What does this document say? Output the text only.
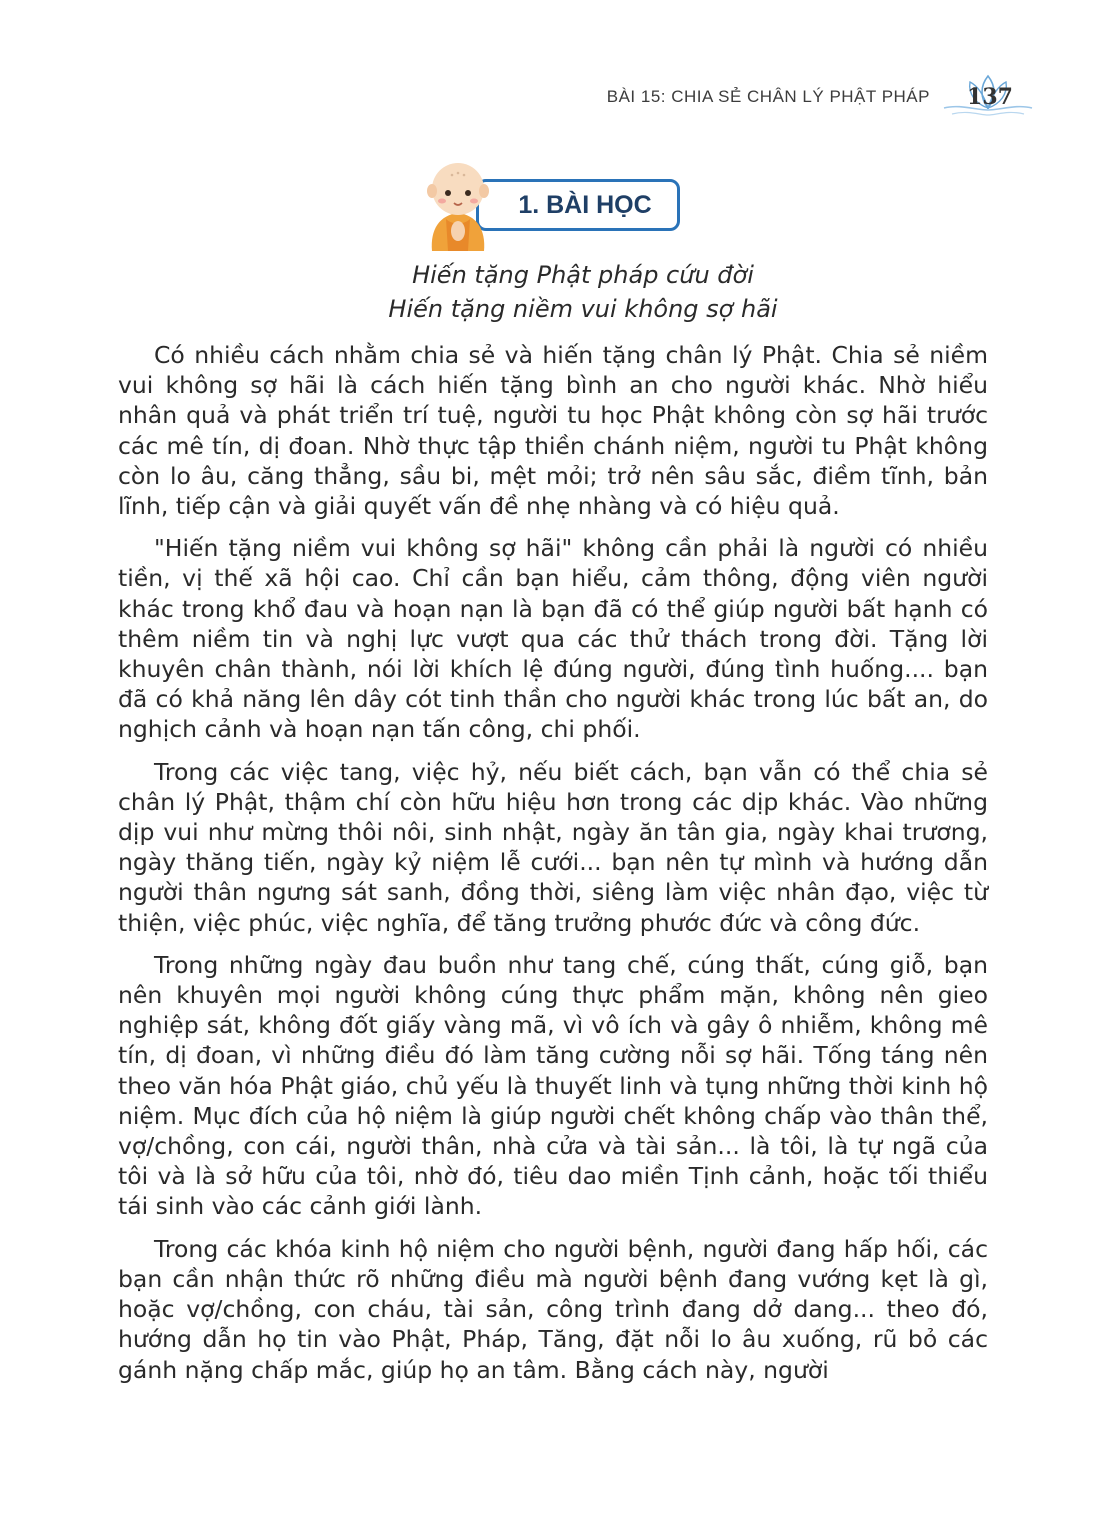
BÀI 15: CHIA SẺ CHÂN LÝ PHẬT PHÁP	137
1. BÀI HỌC
Hiến tặng Phật pháp cứu đời
Hiến tặng niềm vui không sợ hãi

Có nhiều cách nhằm chia sẻ và hiến tặng chân lý Phật. Chia sẻ niềm vui không sợ hãi là cách hiến tặng bình an cho người khác. Nhờ hiểu nhân quả và phát triển trí tuệ, người tu học Phật không còn sợ hãi trước các mê tín, dị đoan. Nhờ thực tập thiền chánh niệm, người tu Phật không còn lo âu, căng thẳng, sầu bi, mệt mỏi; trở nên sâu sắc, điềm tĩnh, bản lĩnh, tiếp cận và giải quyết vấn đề nhẹ nhàng và có hiệu quả.

"Hiến tặng niềm vui không sợ hãi" không cần phải là người có nhiều tiền, vị thế xã hội cao. Chỉ cần bạn hiểu, cảm thông, động viên người khác trong khổ đau và hoạn nạn là bạn đã có thể giúp người bất hạnh có thêm niềm tin và nghị lực vượt qua các thử thách trong đời. Tặng lời khuyên chân thành, nói lời khích lệ đúng người, đúng tình huống.... bạn đã có khả năng lên dây cót tinh thần cho người khác trong lúc bất an, do nghịch cảnh và hoạn nạn tấn công, chi phối.

Trong các việc tang, việc hỷ, nếu biết cách, bạn vẫn có thể chia sẻ chân lý Phật, thậm chí còn hữu hiệu hơn trong các dịp khác. Vào những dịp vui như mừng thôi nôi, sinh nhật, ngày ăn tân gia, ngày khai trương, ngày thăng tiến, ngày kỷ niệm lễ cưới... bạn nên tự mình và hướng dẫn người thân ngưng sát sanh, đồng thời, siêng làm việc nhân đạo, việc từ thiện, việc phúc, việc nghĩa, để tăng trưởng phước đức và công đức.

Trong những ngày đau buồn như tang chế, cúng thất, cúng giỗ, bạn nên khuyên mọi người không cúng thực phẩm mặn, không nên gieo nghiệp sát, không đốt giấy vàng mã, vì vô ích và gây ô nhiễm, không mê tín, dị đoan, vì những điều đó làm tăng cường nỗi sợ hãi. Tống táng nên theo văn hóa Phật giáo, chủ yếu là thuyết linh và tụng những thời kinh hộ niệm. Mục đích của hộ niệm là giúp người chết không chấp vào thân thể, vợ/chồng, con cái, người thân, nhà cửa và tài sản... là tôi, là tự ngã của tôi và là sở hữu của tôi, nhờ đó, tiêu dao miền Tịnh cảnh, hoặc tối thiểu tái sinh vào các cảnh giới lành.

Trong các khóa kinh hộ niệm cho người bệnh, người đang hấp hối, các bạn cần nhận thức rõ những điều mà người bệnh đang vướng kẹt là gì, hoặc vợ/chồng, con cháu, tài sản, công trình đang dở dang... theo đó, hướng dẫn họ tin vào Phật, Pháp, Tăng, đặt nỗi lo âu xuống, rũ bỏ các gánh nặng chấp mắc, giúp họ an tâm. Bằng cách này, người
